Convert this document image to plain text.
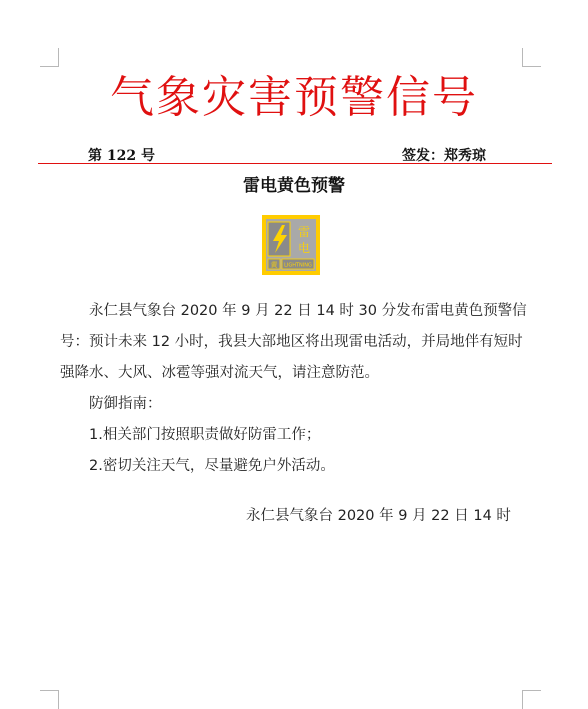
气象灾害预警信号
第 122 号	签发：郑秀琼
雷电黄色预警
雷
电
黄 LIGHTNING

永仁县气象台 2020 年 9 月 22 日 14 时 30 分发布雷电黄色预警信号：预计未来 12 小时，我县大部地区将出现雷电活动，并局地伴有短时强降水、大风、冰雹等强对流天气，请注意防范。

防御指南：

1.相关部门按照职责做好防雷工作；

2.密切关注天气，尽量避免户外活动。

永仁县气象台 2020 年 9 月 22 日 14 时
